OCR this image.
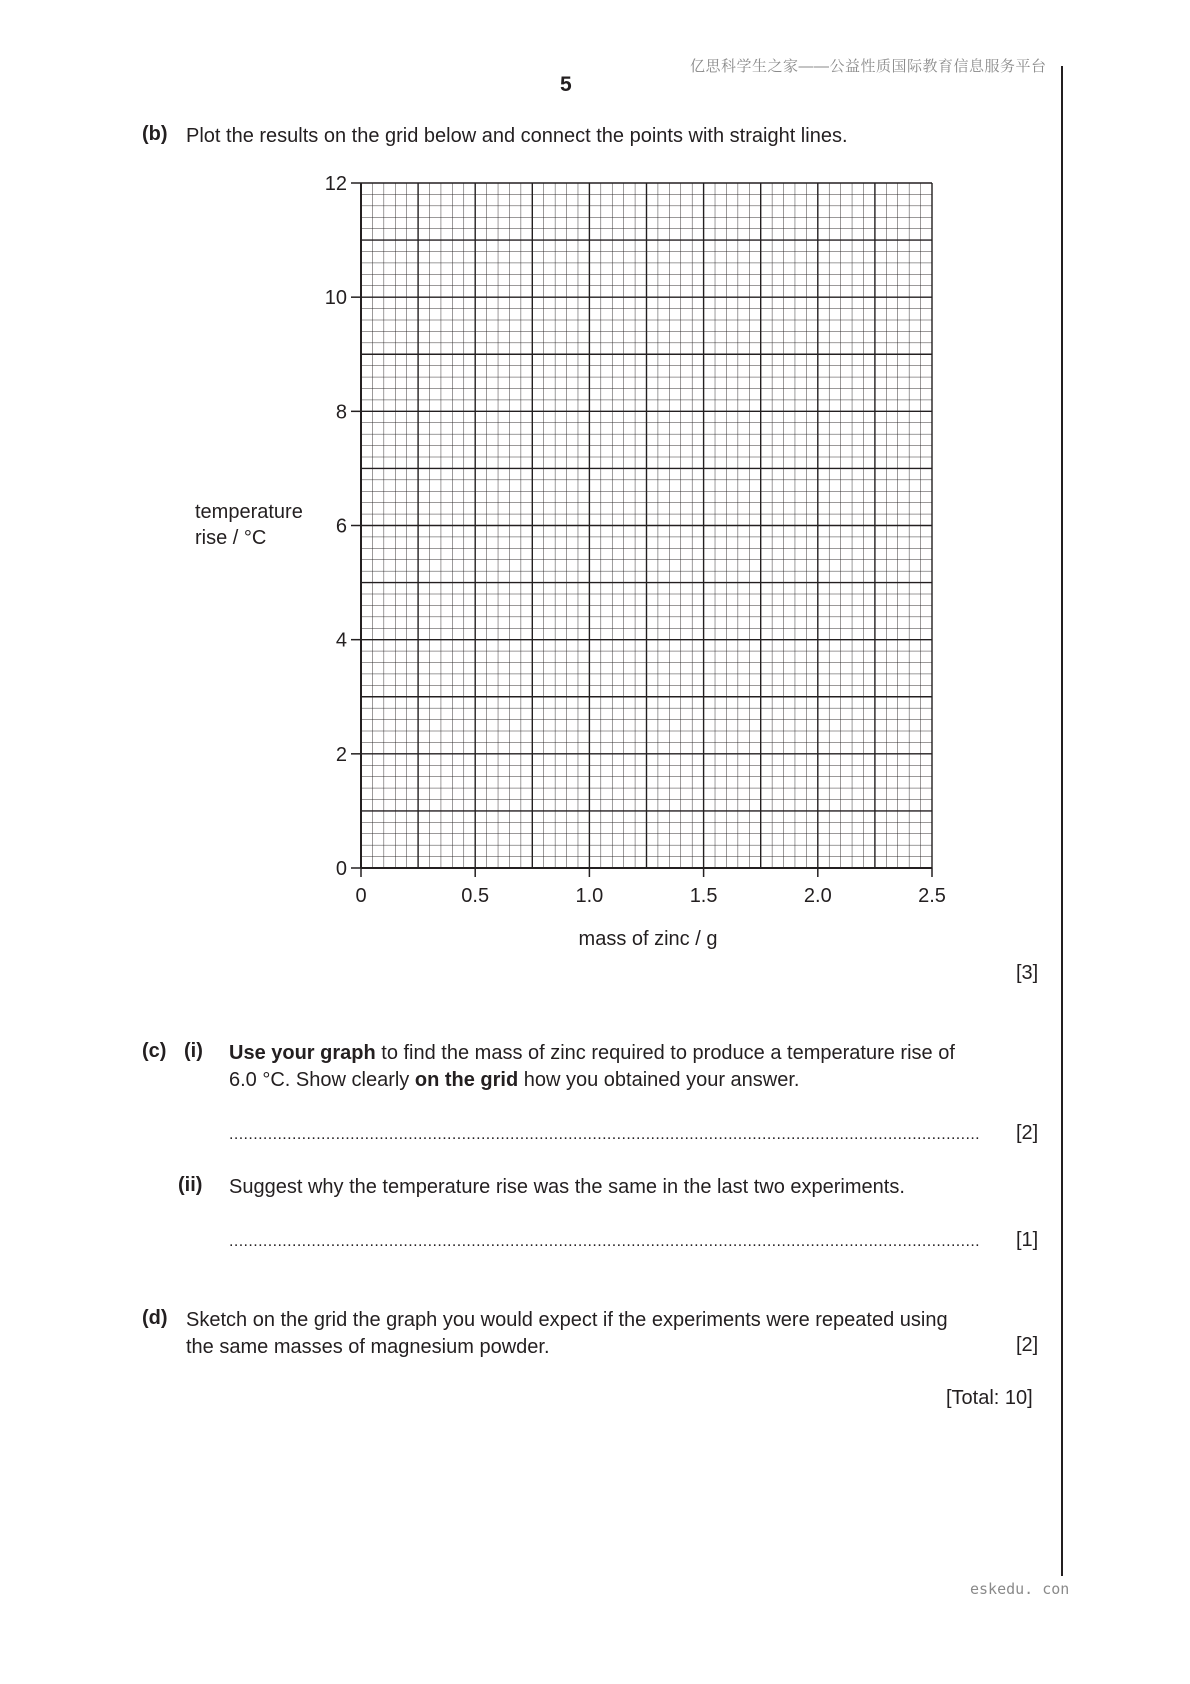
亿思科学生之家——公益性质国际教育信息服务平台
5
(b) Plot the results on the grid below and connect the points with straight lines.
0
2
4
6
8
10
12
0	0.5	1.0	1.5	2.0	2.5
temperature
rise / °C
mass of zinc / g
[3]
(c) (i) Use your graph to find the mass of zinc required to produce a temperature rise of
6.0 °C. Show clearly on the grid how you obtained your answer.
...........................................................................................................................................................	[2]
(ii) Suggest why the temperature rise was the same in the last two experiments.
...........................................................................................................................................................	[1]
(d) Sketch on the grid the graph you would expect if the experiments were repeated using
the same masses of magnesium powder.	[2]
[Total: 10]
eskedu. con
